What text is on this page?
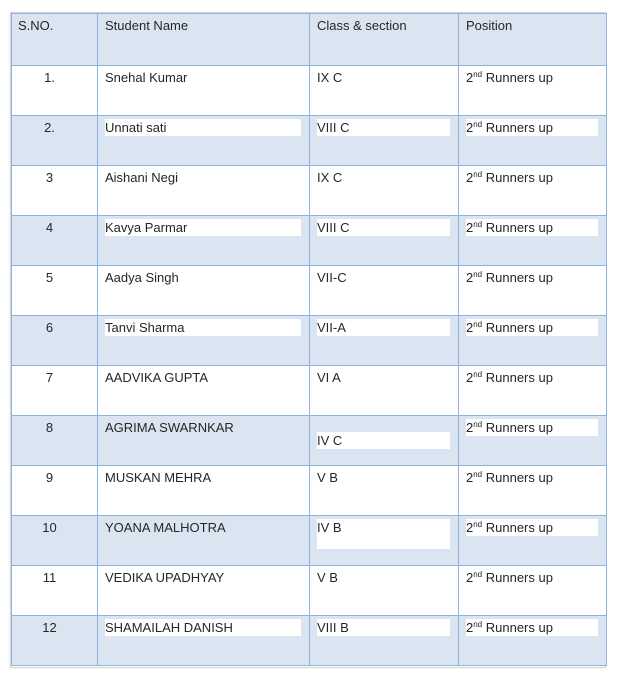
S.NO.	Student Name	Class & section	Position

1.	Snehal Kumar	IX C	2nd Runners up

2.	Unnati sati	VIII C	2nd Runners up

3	Aishani Negi	IX C	2nd Runners up

4	Kavya Parmar	VIII C	2nd Runners up

5	Aadya Singh	VII-C	2nd Runners up

6	Tanvi Sharma	VII-A	2nd Runners up

7	AADVIKA GUPTA	VI A	2nd Runners up

8	AGRIMA SWARNKAR	IV C	2nd Runners up

9	MUSKAN MEHRA	V B	2nd Runners up

10	YOANA MALHOTRA	IV B	2nd Runners up

11	VEDIKA UPADHYAY	V B	2nd Runners up

12	SHAMAILAH DANISH	VIII B	2nd Runners up
